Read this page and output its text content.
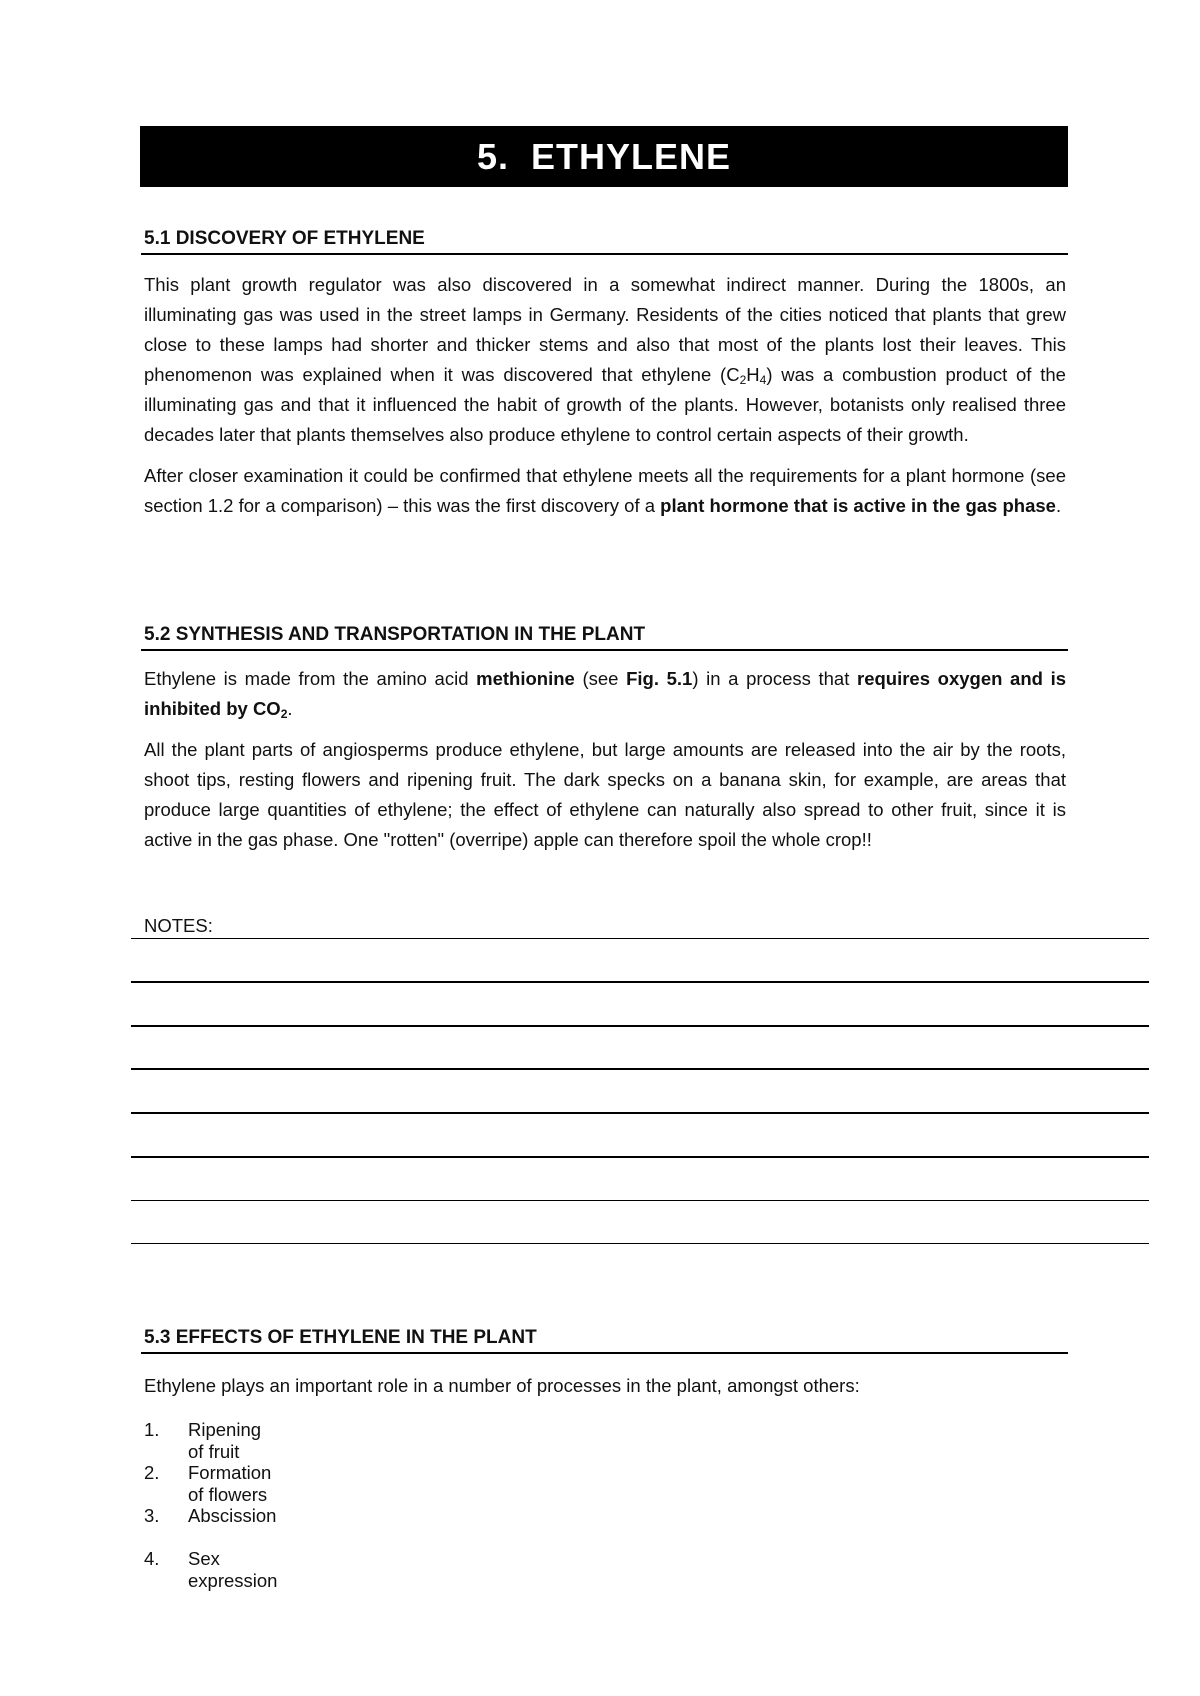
5.  ETHYLENE
5.1 DISCOVERY OF ETHYLENE

This plant growth regulator was also discovered in a somewhat indirect manner. During the 1800s, an illuminating gas was used in the street lamps in Germany. Residents of the cities noticed that plants that grew close to these lamps had shorter and thicker stems and also that most of the plants lost their leaves. This phenomenon was explained when it was discovered that ethylene $(C_2H_4)$ was a combustion product of the illuminating gas and that it influenced the habit of growth of the plants. However, botanists only realised three decades later that plants themselves also produce ethylene to control certain aspects of their growth.

After closer examination it could be confirmed that ethylene meets all the requirements for a plant hormone (see section 1.2 for a comparison) – this was the first discovery of a plant hormone that is active in the gas phase.

5.2 SYNTHESIS AND TRANSPORTATION IN THE PLANT

Ethylene is made from the amino acid methionine (see Fig. 5.1) in a process that requires oxygen and is inhibited by $CO_2$.

All the plant parts of angiosperms produce ethylene, but large amounts are released into the air by the roots, shoot tips, resting flowers and ripening fruit. The dark specks on a banana skin, for example, are areas that produce large quantities of ethylene; the effect of ethylene can naturally also spread to other fruit, since it is active in the gas phase. One "rotten" (overripe) apple can therefore spoil the whole crop!!

NOTES:
5.3 EFFECTS OF ETHYLENE IN THE PLANT

Ethylene plays an important role in a number of processes in the plant, amongst others:

1. Ripening of fruit
2. Formation of flowers
3. Abscission
4. Sex expression
